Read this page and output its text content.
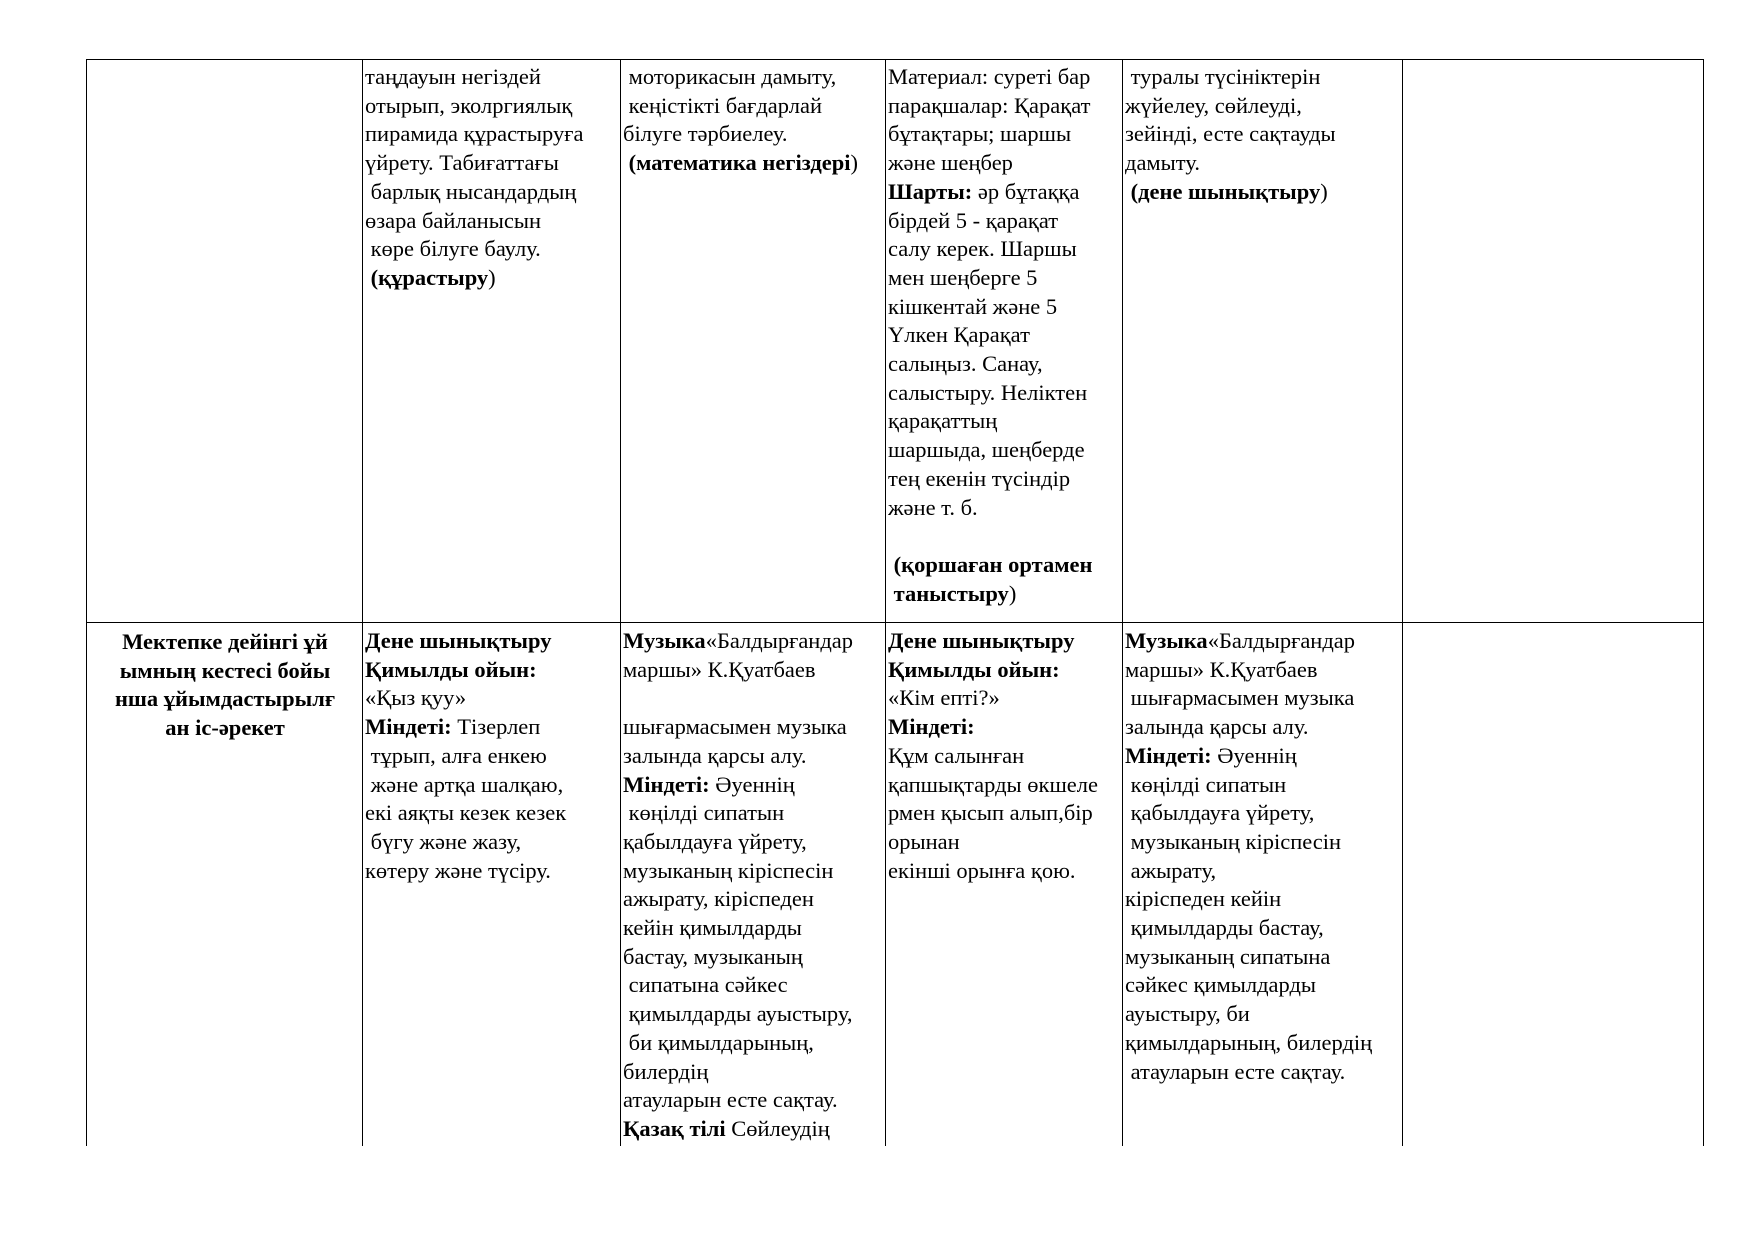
таңдауын негіздей
отырып, эколргиялық
пирамида құрастыруға
үйрету. Табиғаттағы
барлық нысандардың
өзара байланысын
көре білуге баулу.
(құрастыру)
моторикасын дамыту,
кеңістікті бағдарлай
білуге тәрбиелеу.
(математика негіздері)
Материал: суреті бар
парақшалар: Қарақат
бұтақтары; шаршы
және шеңбер
Шарты: әр бұтаққа
бірдей 5 - қарақат
салу керек. Шаршы
мен шеңберге 5
кішкентай және 5
Үлкен Қарақат
салыңыз. Санау,
салыстыру. Неліктен
қарақаттың
шаршыда, шеңберде
тең екенін түсіндір
және т. б.
(қоршаған ортамен
таныстыру)
туралы түсініктерін
жүйелеу, сөйлеуді,
зейінді, есте сақтауды
дамыту.
(дене шынықтыру)
Мектепке дейінгі ұй
ымның кестесі бойы
нша ұйымдастырылғ
ан іс-әрекет
Дене шынықтыру
Қимылды ойын:
«Қыз қуу»
Міндеті: Тізерлеп
тұрып, алға енкею
және артқа шалқаю,
екі аяқты кезек кезек
бүгу және жазу,
көтеру және түсіру.
Музыка«Балдырғандар
маршы» К.Қуатбаев
шығармасымен музыка
залында қарсы алу.
Міндеті: Әуеннің
көңілді сипатын
қабылдауға үйрету,
музыканың кіріспесін
ажырату, кіріспеден
кейін қимылдарды
бастау, музыканың
сипатына сәйкес
қимылдарды ауыстыру,
би қимылдарының,
билердің
атауларын есте сақтау.
Қазақ тілі Сөйлеудің
Дене шынықтыру
Қимылды ойын:
«Кім епті?»
Міндеті:
Құм салынған
қапшықтарды өкшеле
рмен қысып алып,бір
орынан
екінші орынға қою.
Музыка«Балдырғандар
маршы» К.Қуатбаев
шығармасымен музыка
залында қарсы алу.
Міндеті: Әуеннің
көңілді сипатын
қабылдауға үйрету,
музыканың кіріспесін
ажырату,
кіріспеден кейін
қимылдарды бастау,
музыканың сипатына
сәйкес қимылдарды
ауыстыру, би
қимылдарының, билердің
атауларын есте сақтау.
